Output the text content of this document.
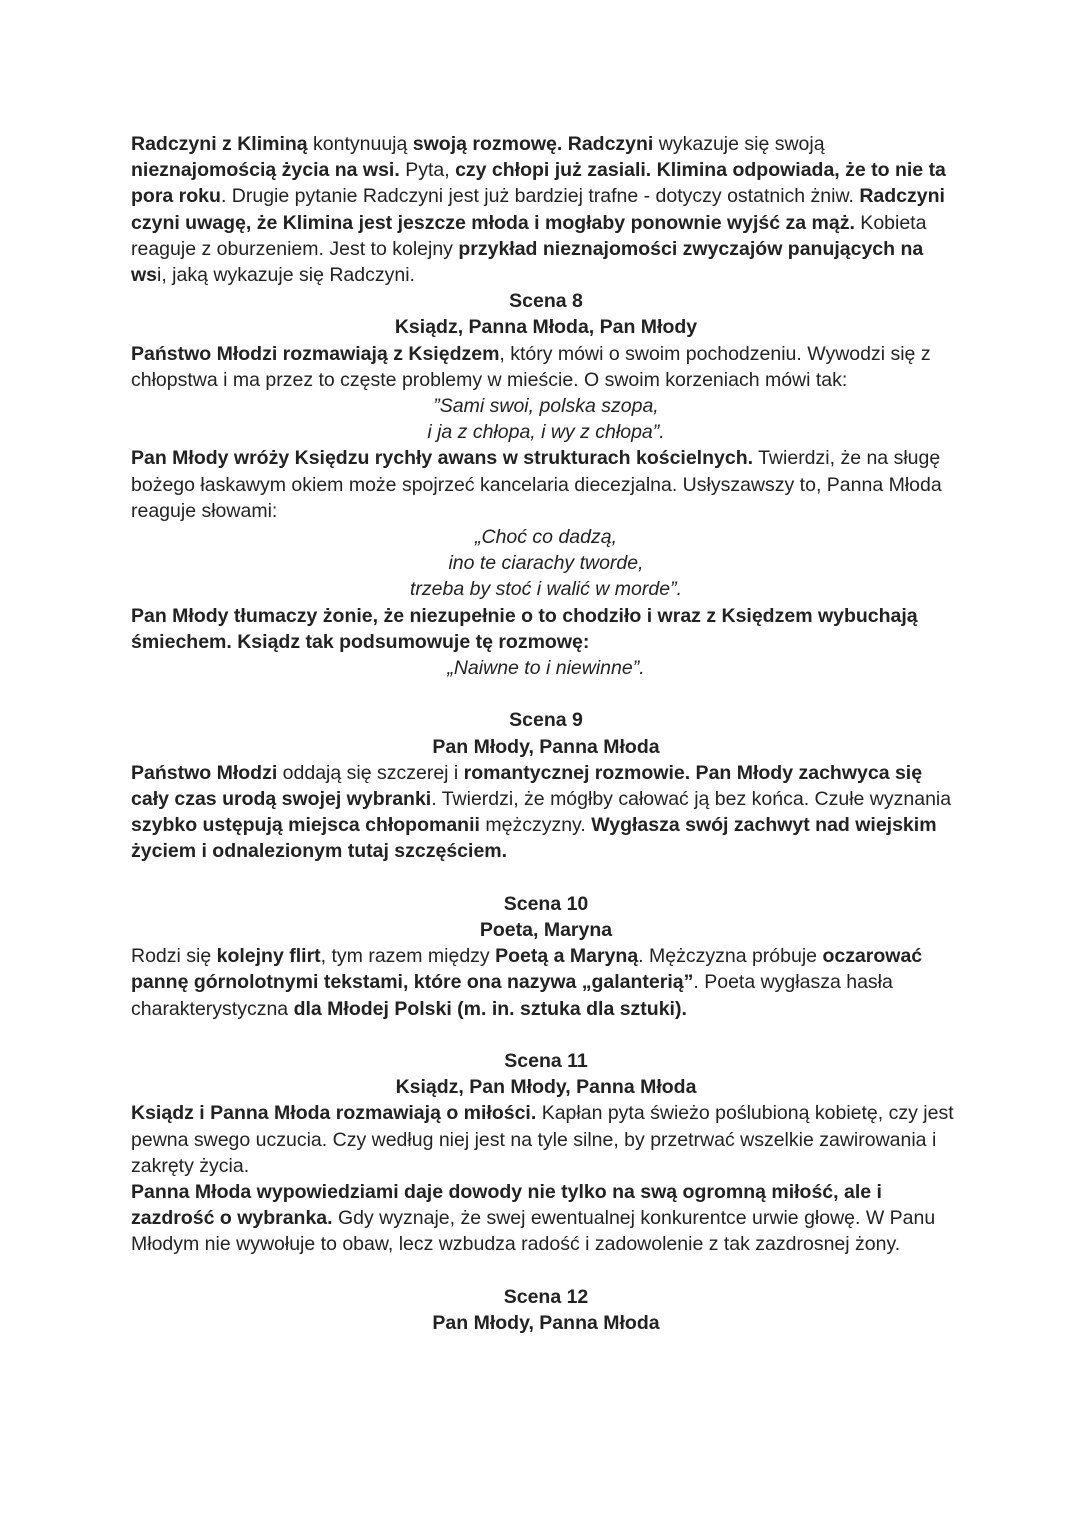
Radczyni z Kliminą kontynuują swoją rozmowę. Radczyni wykazuje się swoją nieznajomością życia na wsi. Pyta, czy chłopi już zasiali. Klimina odpowiada, że to nie ta pora roku. Drugie pytanie Radczyni jest już bardziej trafne - dotyczy ostatnich żniw. Radczyni czyni uwagę, że Klimina jest jeszcze młoda i mogłaby ponownie wyjść za mąż. Kobieta reaguje z oburzeniem. Jest to kolejny przykład nieznajomości zwyczajów panujących na wsi, jaką wykazuje się Radczyni.

Scena 8

Ksiądz, Panna Młoda, Pan Młody

Państwo Młodzi rozmawiają z Księdzem, który mówi o swoim pochodzeniu. Wywodzi się z chłopstwa i ma przez to częste problemy w mieście. O swoim korzeniach mówi tak:

”Sami swoi, polska szopa,

i ja z chłopa, i wy z chłopa”.

Pan Młody wróży Księdzu rychły awans w strukturach kościelnych. Twierdzi, że na sługę bożego łaskawym okiem może spojrzeć kancelaria diecezjalna. Usłyszawszy to, Panna Młoda reaguje słowami:

„Choć co dadzą,

ino te ciarachy tworde,

trzeba by stoć i walić w morde”.

Pan Młody tłumaczy żonie, że niezupełnie o to chodziło i wraz z Księdzem wybuchają śmiechem. Ksiądz tak podsumowuje tę rozmowę:

„Naiwne to i niewinne”.

Scena 9

Pan Młody, Panna Młoda

Państwo Młodzi oddają się szczerej i romantycznej rozmowie. Pan Młody zachwyca się cały czas urodą swojej wybranki. Twierdzi, że mógłby całować ją bez końca. Czułe wyznania szybko ustępują miejsca chłopomanii mężczyzny. Wygłasza swój zachwyt nad wiejskim życiem i odnalezionym tutaj szczęściem.

Scena 10

Poeta, Maryna

Rodzi się kolejny flirt, tym razem między Poetą a Maryną. Mężczyzna próbuje oczarować pannę górnolotnymi tekstami, które ona nazywa „galanterią”. Poeta wygłasza hasła charakterystyczna dla Młodej Polski (m. in. sztuka dla sztuki).

Scena 11

Ksiądz, Pan Młody, Panna Młoda

Ksiądz i Panna Młoda rozmawiają o miłości. Kapłan pyta świeżo poślubioną kobietę, czy jest pewna swego uczucia. Czy według niej jest na tyle silne, by przetrwać wszelkie zawirowania i zakręty życia.

Panna Młoda wypowiedziami daje dowody nie tylko na swą ogromną miłość, ale i zazdrość o wybranka. Gdy wyznaje, że swej ewentualnej konkurentce urwie głowę. W Panu Młodym nie wywołuje to obaw, lecz wzbudza radość i zadowolenie z tak zazdrosnej żony.

Scena 12

Pan Młody, Panna Młoda
